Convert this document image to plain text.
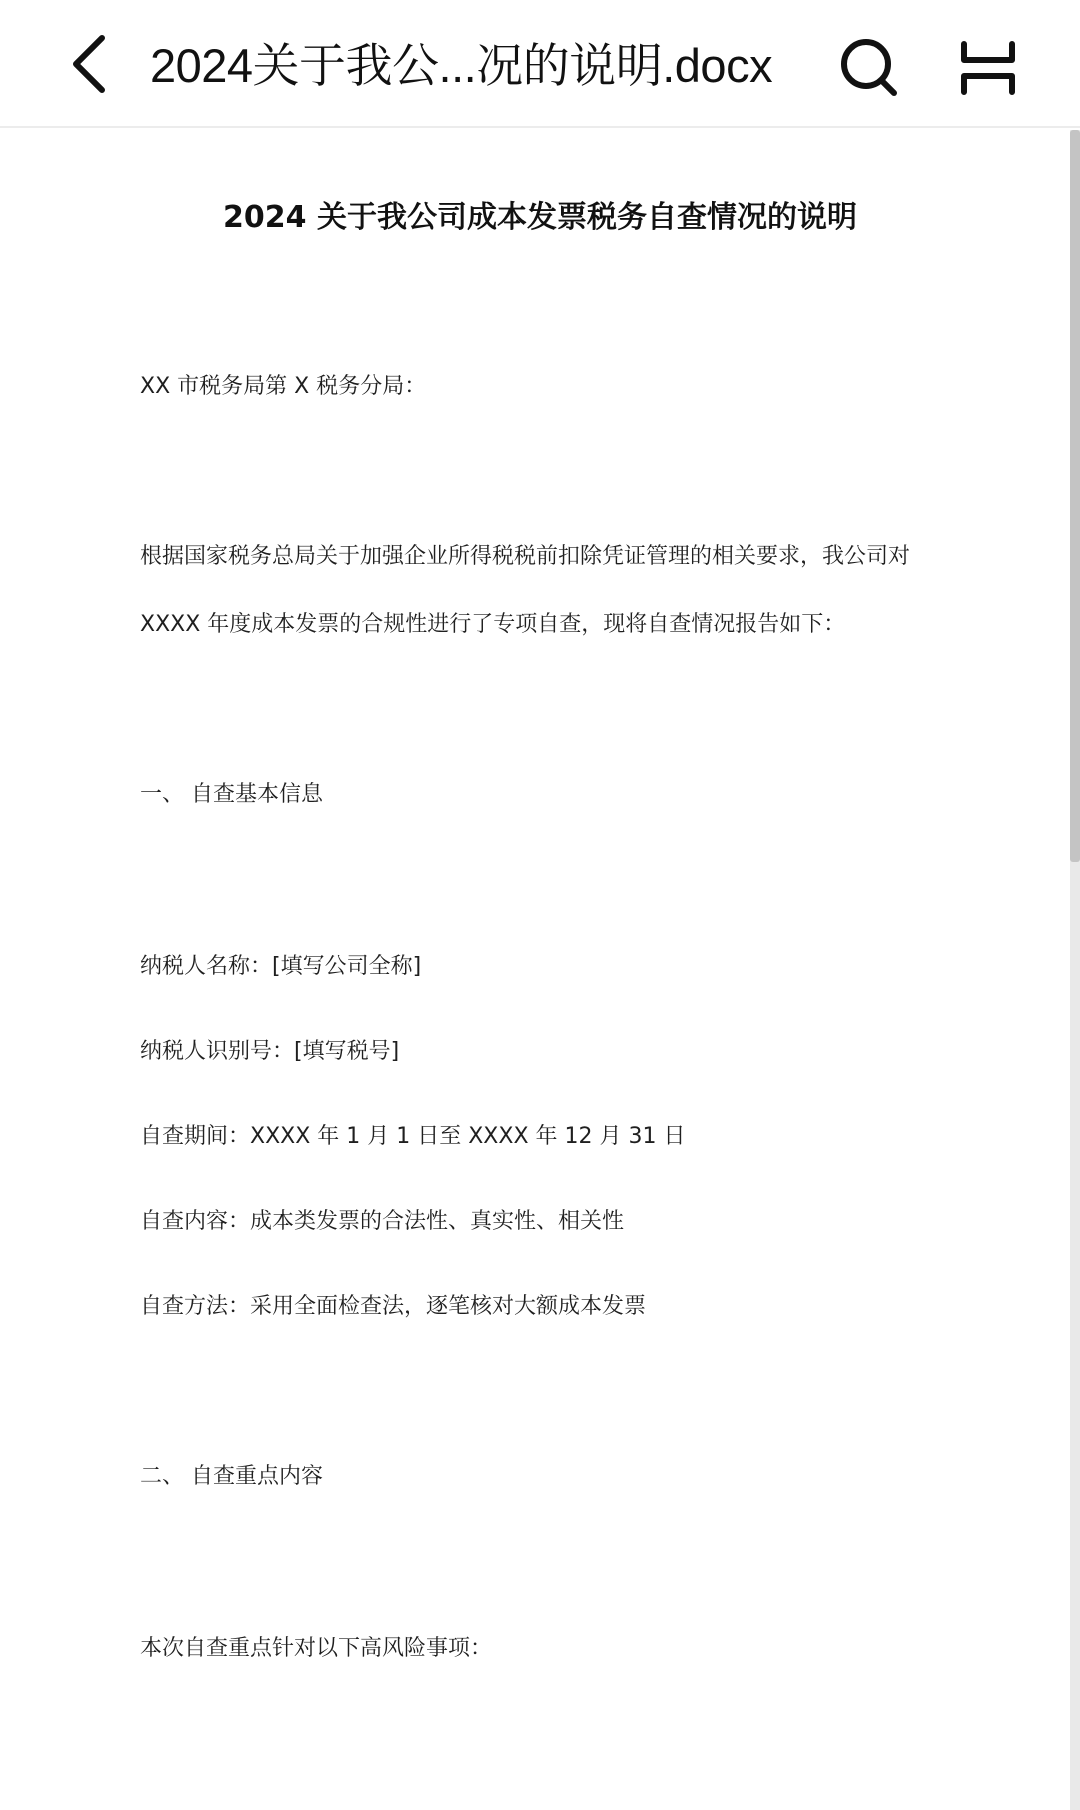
2024关于我公...况的说明.docx
2024 关于我公司成本发票税务自查情况的说明

XX 市税务局第 X 税务分局：

根据国家税务总局关于加强企业所得税税前扣除凭证管理的相关要求，我公司对

XXXX 年度成本发票的合规性进行了专项自查，现将自查情况报告如下：

一、 自查基本信息

纳税人名称：[填写公司全称]

纳税人识别号：[填写税号]

自查期间：XXXX 年 1 月 1 日至 XXXX 年 12 月 31 日

自查内容：成本类发票的合法性、真实性、相关性

自查方法：采用全面检查法，逐笔核对大额成本发票

二、 自查重点内容

本次自查重点针对以下高风险事项：
